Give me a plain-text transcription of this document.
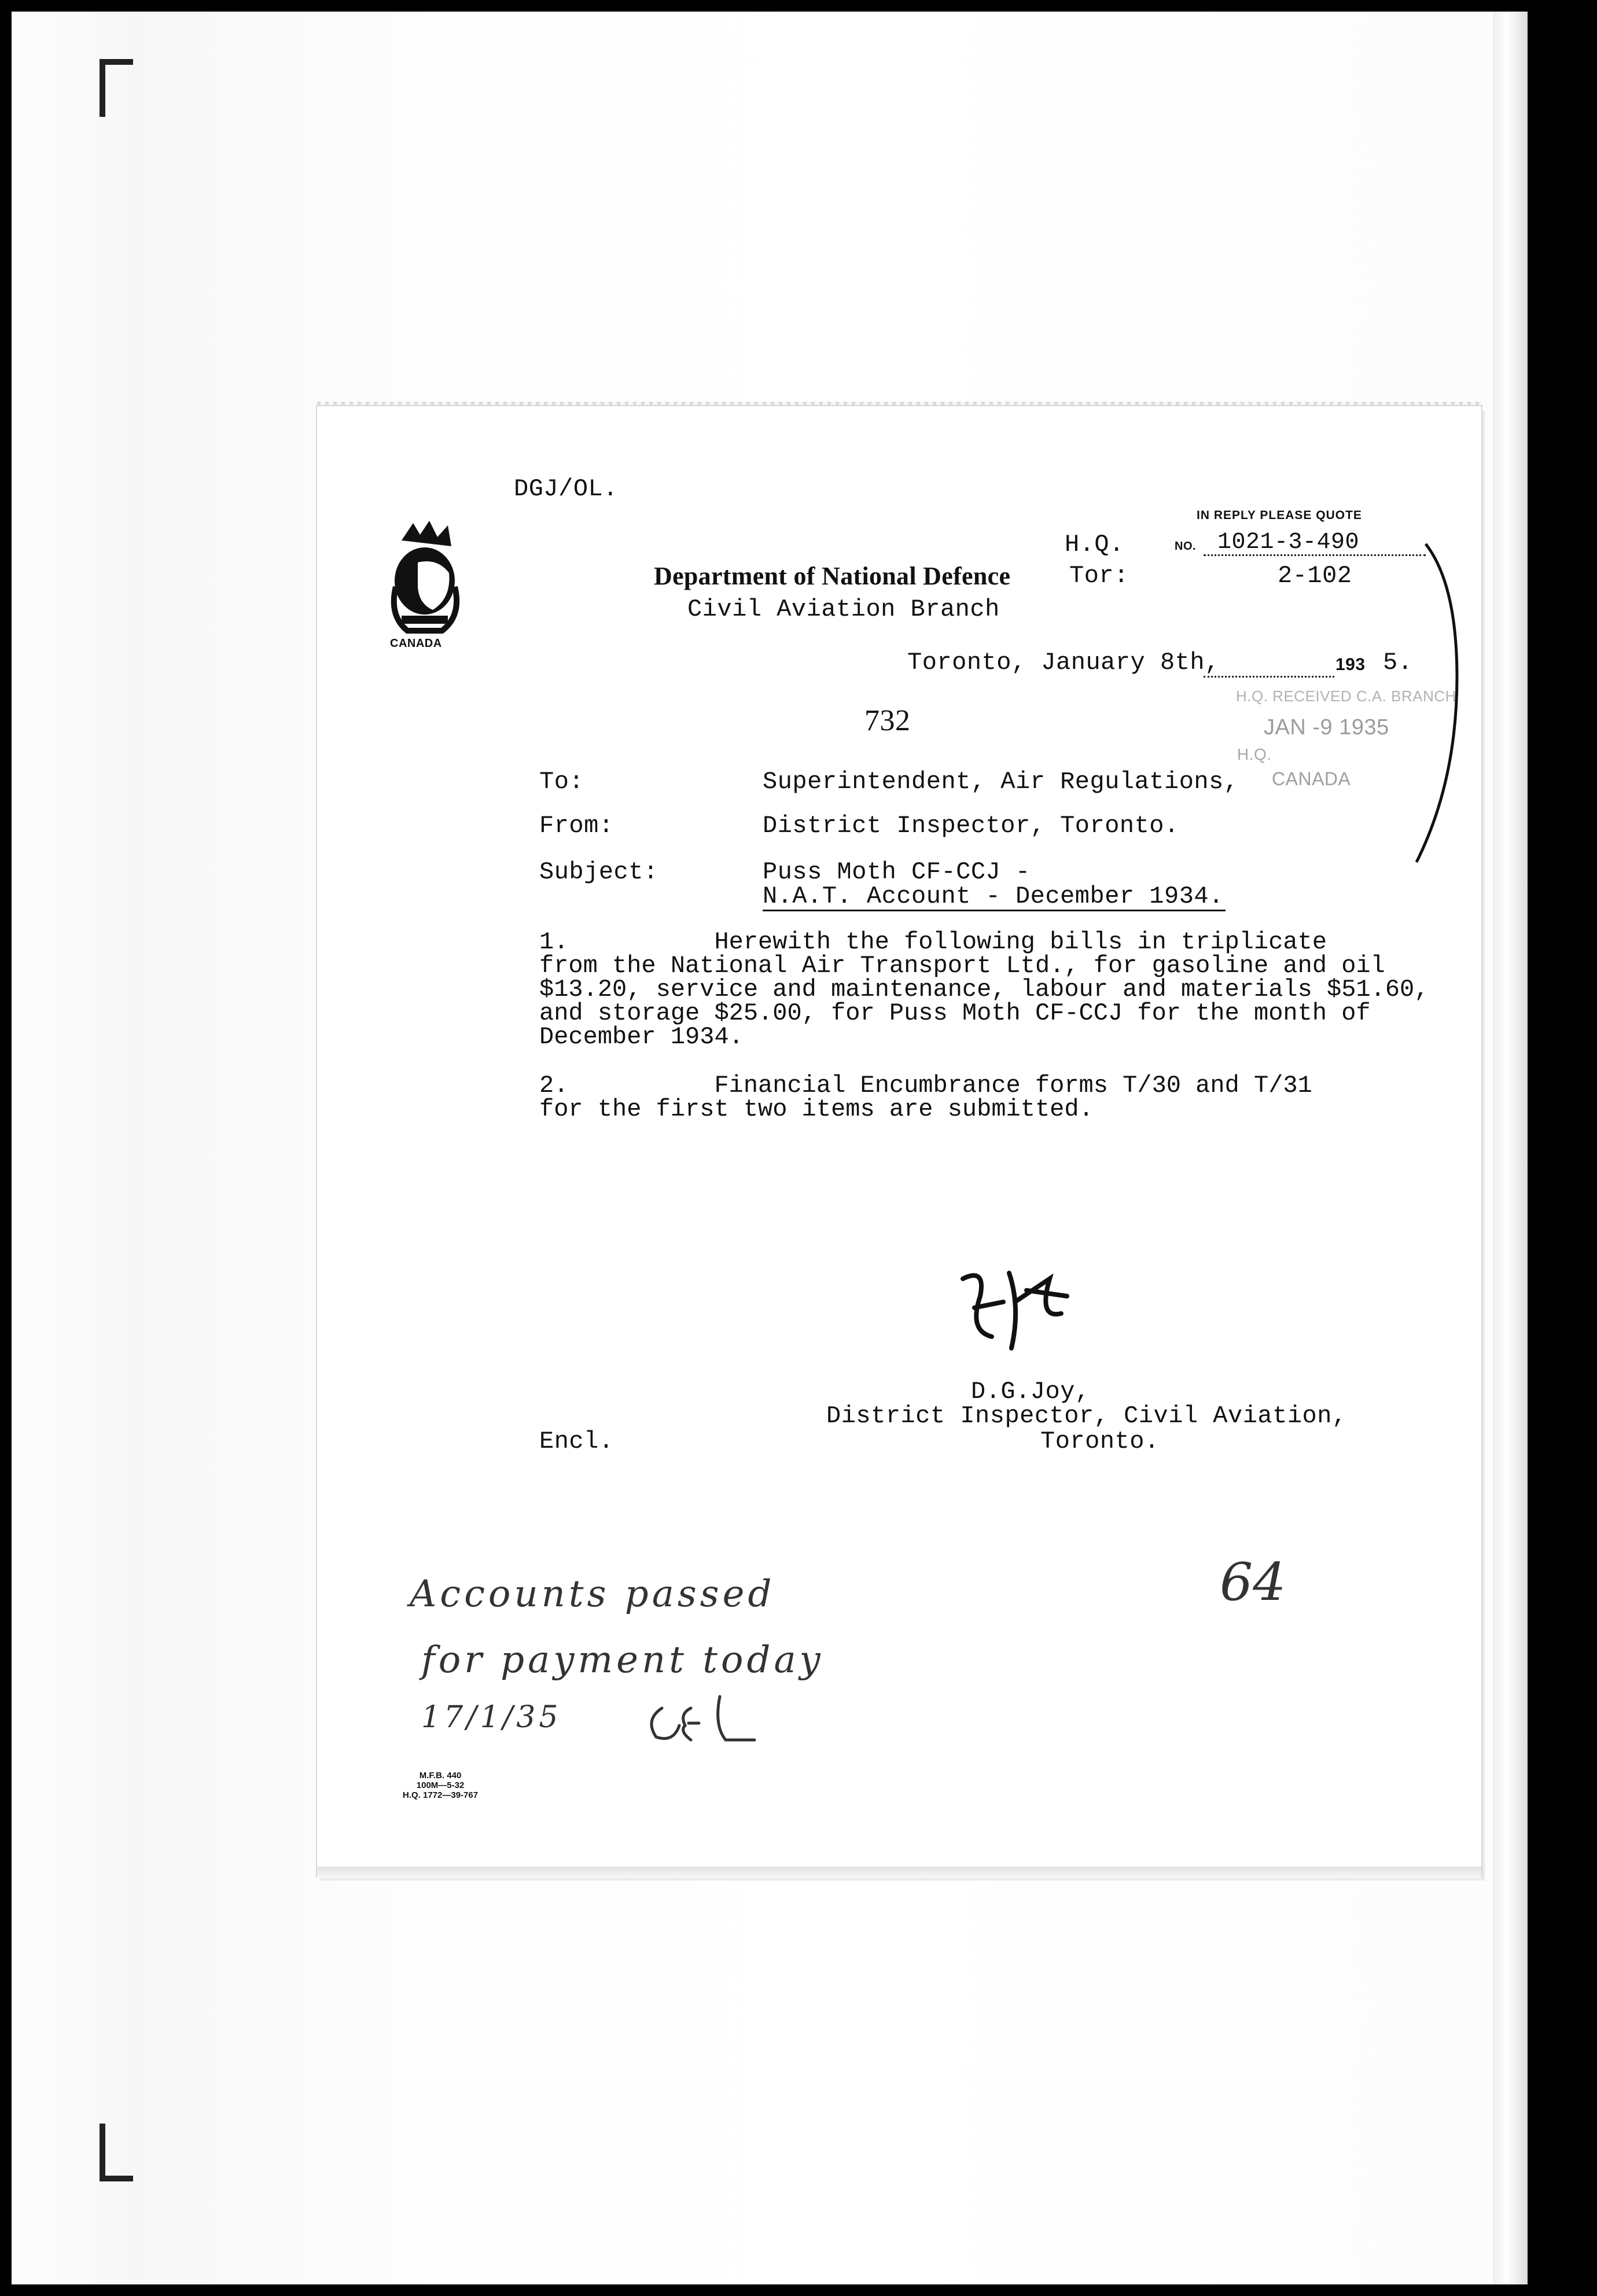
DGJ/OL.
CANADA
Department of National Defence
Civil Aviation Branch
IN REPLY PLEASE QUOTE
H.Q.	NO. 1021-3-490
Tor:	2-102
Toronto, January 8th,	193 5.
732
H.Q. RECEIVED C.A. BRANCH
JAN -9 1935
H.Q.
CANADA
To:	Superintendent, Air Regulations,
From:	District Inspector, Toronto.
Subject:	Puss Moth CF-CCJ -
N.A.T. Account - December 1934.
1.          Herewith the following bills in triplicate
from the National Air Transport Ltd., for gasoline and oil
$13.20, service and maintenance, labour and materials $51.60,
and storage $25.00, for Puss Moth CF-CCJ for the month of
December 1934.
2.          Financial Encumbrance forms T/30 and T/31
for the first two items are submitted.
D.G.Joy,
District Inspector, Civil Aviation,
Toronto.
Encl.
Accounts passed
for payment today
17/1/35
64
M.F.B. 440
100M—5-32
H.Q. 1772—39-767
